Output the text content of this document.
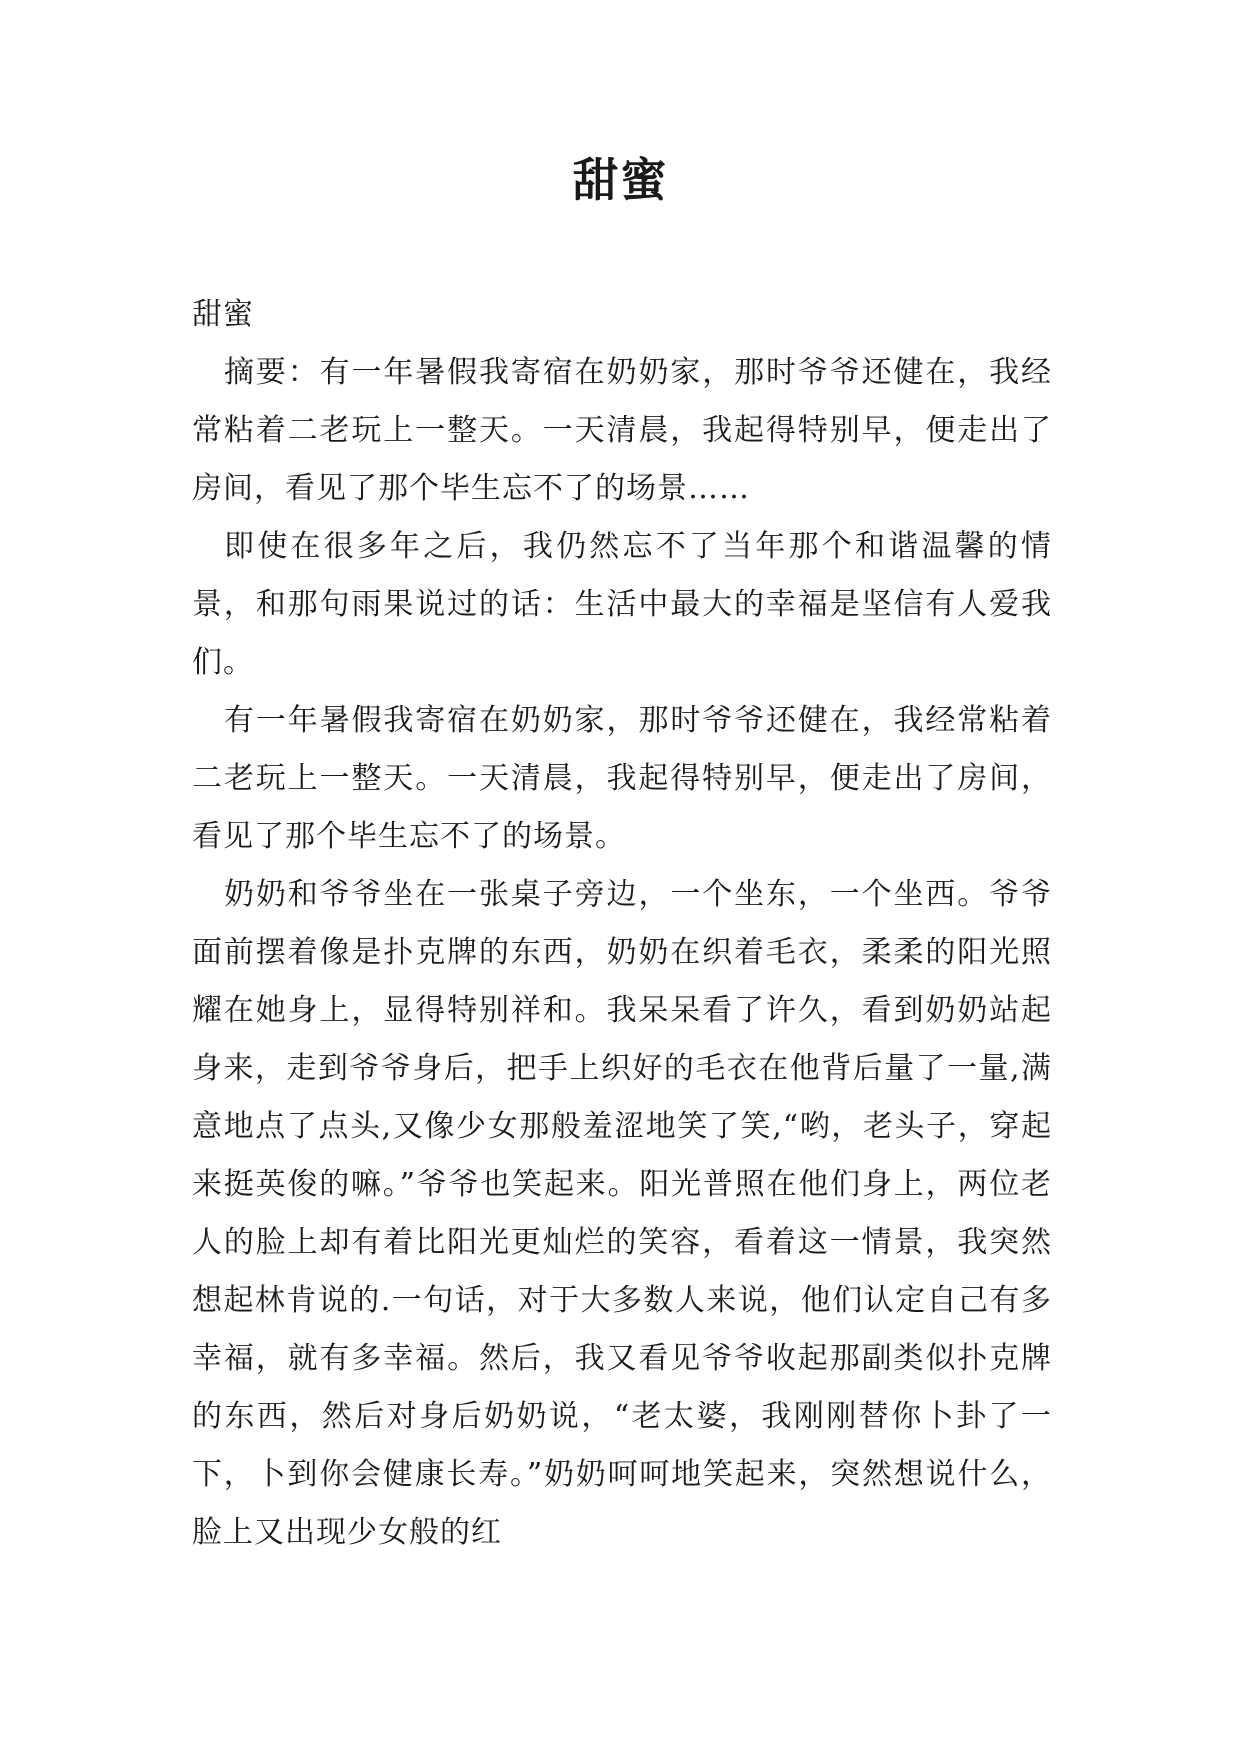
甜蜜

甜蜜

摘要：有一年暑假我寄宿在奶奶家，那时爷爷还健在，我经常粘着二老玩上一整天。一天清晨，我起得特别早，便走出了房间，看见了那个毕生忘不了的场景……

即使在很多年之后，我仍然忘不了当年那个和谐温馨的情景，和那句雨果说过的话：生活中最大的幸福是坚信有人爱我们。

有一年暑假我寄宿在奶奶家，那时爷爷还健在，我经常粘着二老玩上一整天。一天清晨，我起得特别早，便走出了房间，看见了那个毕生忘不了的场景。

奶奶和爷爷坐在一张桌子旁边，一个坐东，一个坐西。爷爷面前摆着像是扑克牌的东西，奶奶在织着毛衣，柔柔的阳光照耀在她身上，显得特别祥和。我呆呆看了许久，看到奶奶站起身来，走到爷爷身后，把手上织好的毛衣在他背后量了一量,满意地点了点头,又像少女那般羞涩地笑了笑,“哟，老头子，穿起来挺英俊的嘛。”爷爷也笑起来。阳光普照在他们身上，两位老人的脸上却有着比阳光更灿烂的笑容，看着这一情景，我突然想起林肯说的.一句话，对于大多数人来说，他们认定自己有多幸福，就有多幸福。然后，我又看见爷爷收起那副类似扑克牌的东西，然后对身后奶奶说，“老太婆，我刚刚替你卜卦了一下，卜到你会健康长寿。”奶奶呵呵地笑起来，突然想说什么，脸上又出现少女般的红
